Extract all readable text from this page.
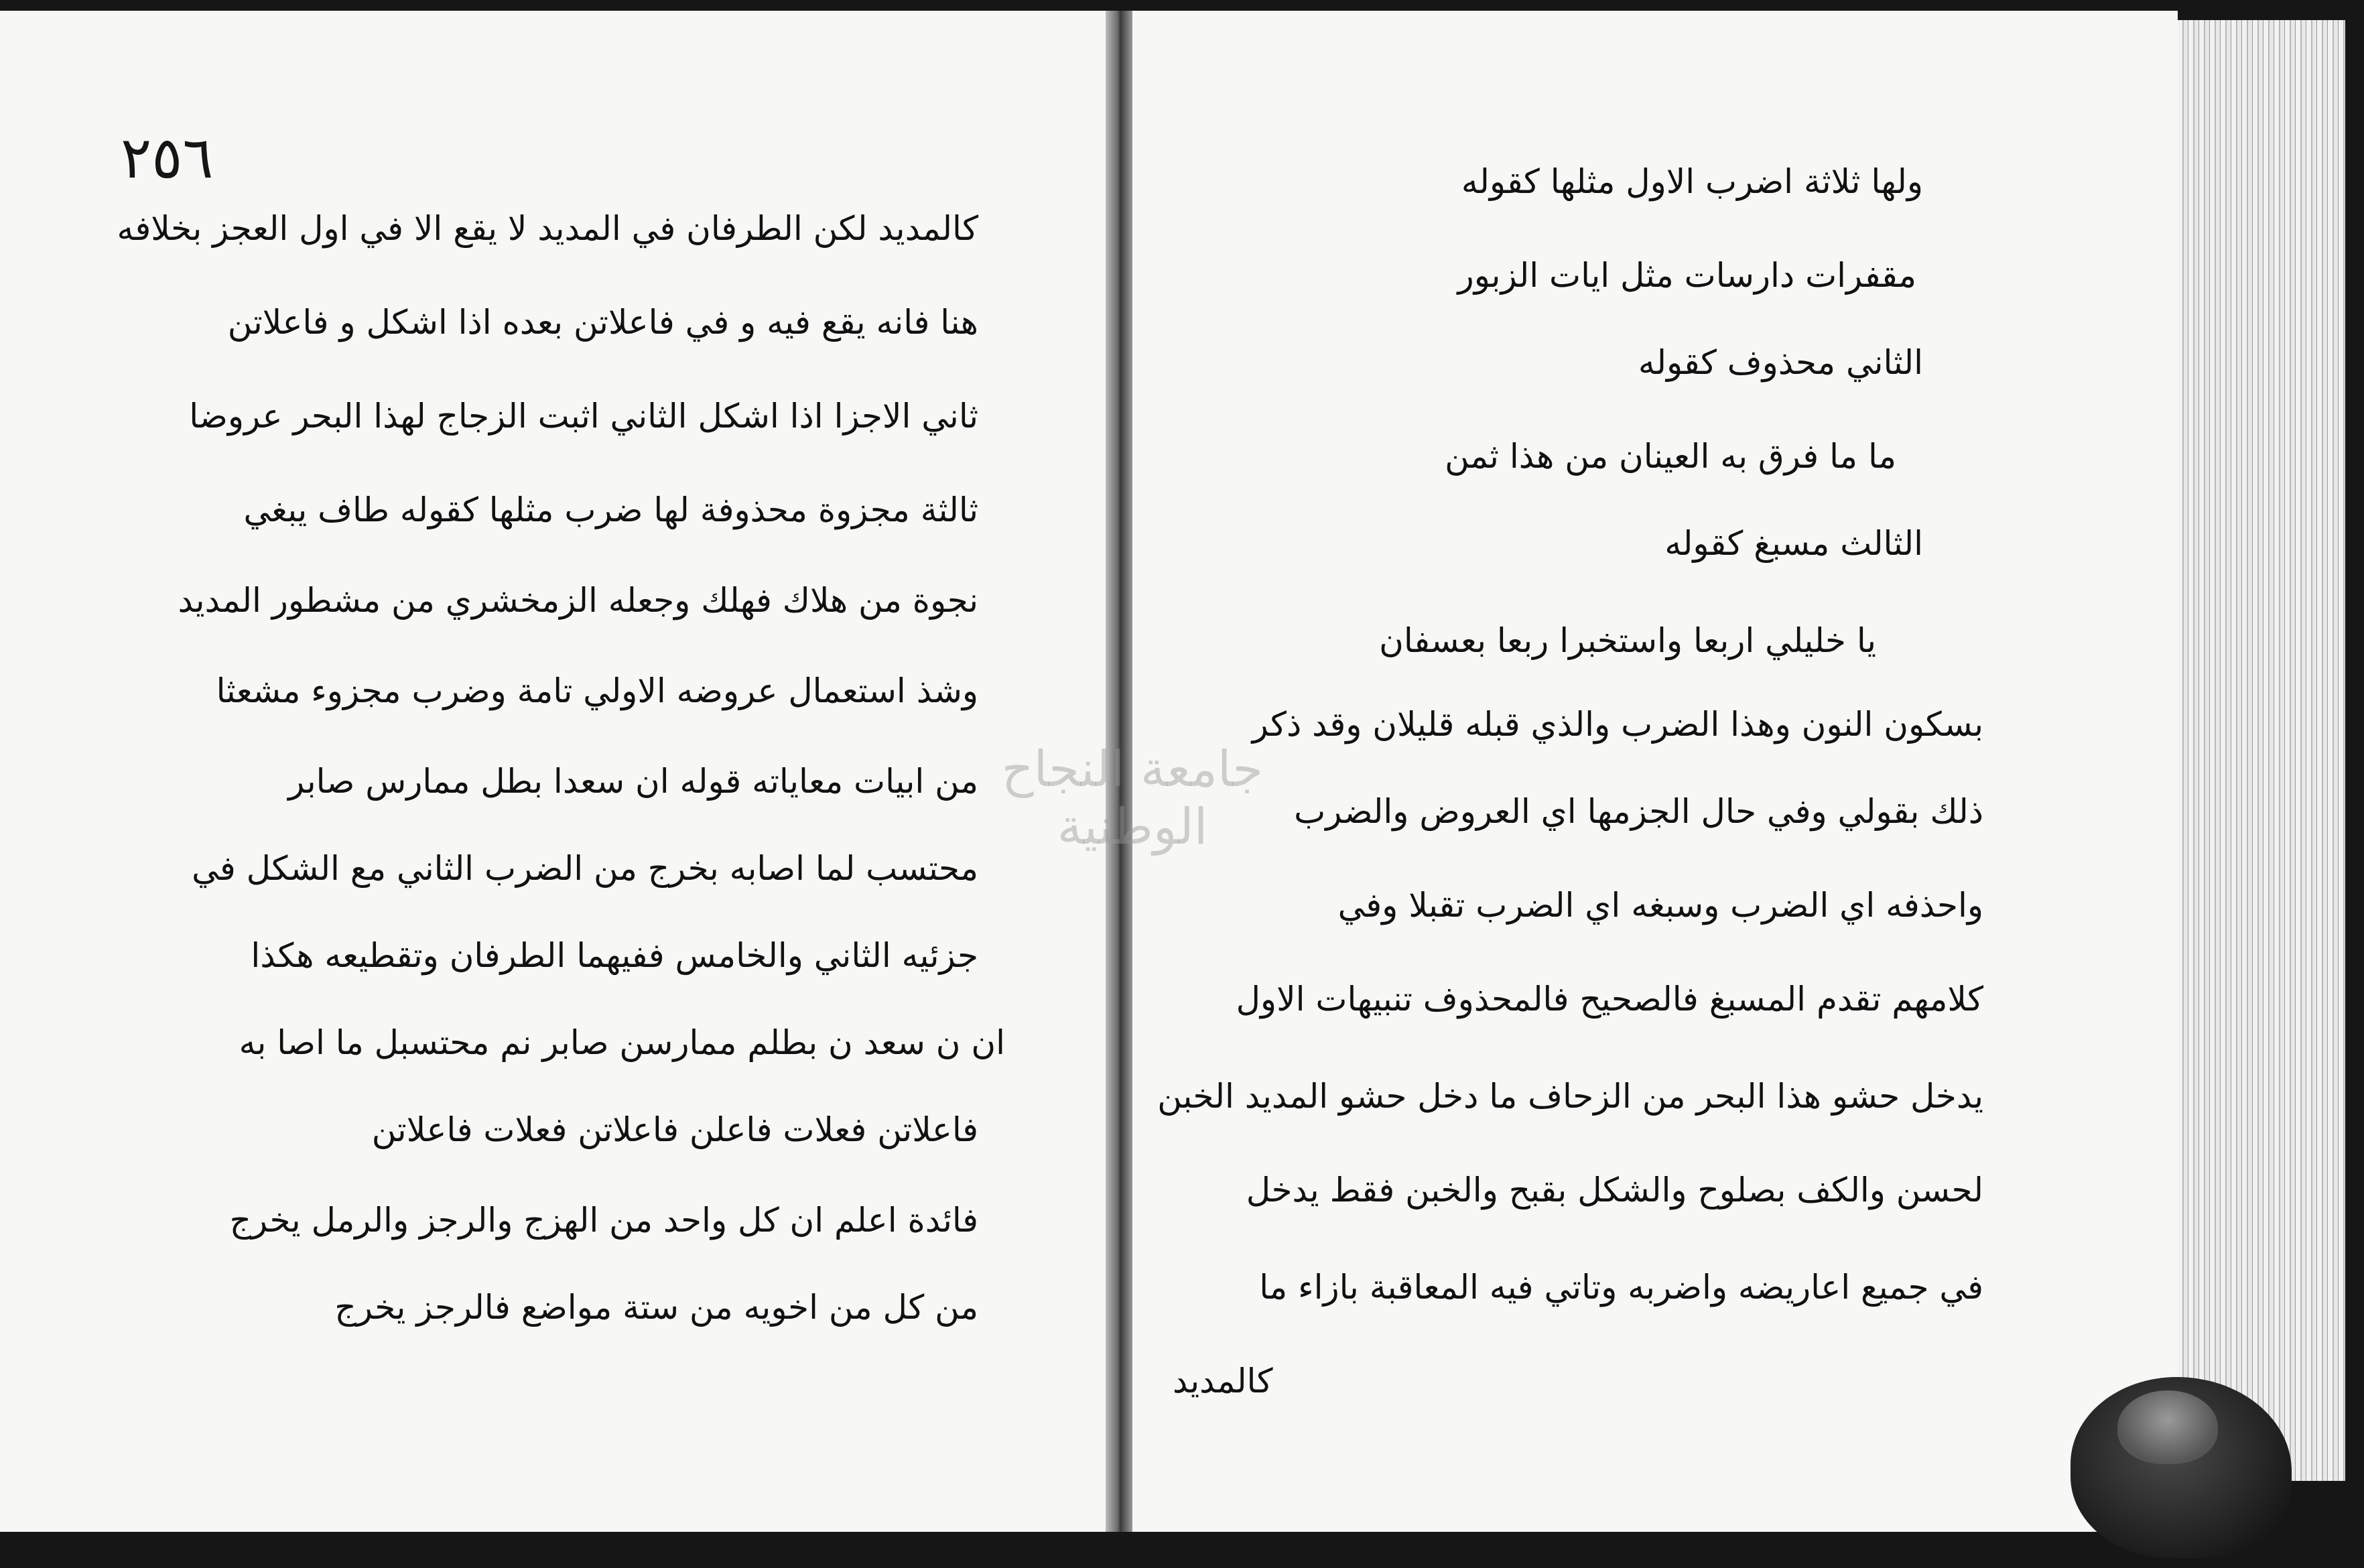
٢٥٦
كالمديد لكن الطرفان في المديد لا يقع الا في اول العجز بخلافه
هنا فانه يقع فيه و في فاعلاتن بعده اذا اشكل و فاعلاتن
ثاني الاجزا اذا اشكل الثاني اثبت الزجاج لهذا البحر عروضا
ثالثة مجزوة محذوفة لها ضرب مثلها كقوله طاف يبغي
نجوة من هلاك فهلك وجعله الزمخشري من مشطور المديد
وشذ استعمال عروضه الاولي تامة وضرب مجزوء مشعثا
من ابيات معاياته قوله ان سعدا بطل ممارس صابر
محتسب لما اصابه بخرج من الضرب الثاني مع الشكل في
جزئيه الثاني والخامس ففيهما الطرفان وتقطيعه هكذا
ان ن سعد ن بطلم ممارسن صابر نم محتسبل ما اصا به
فاعلاتن فعلات فاعلن فاعلاتن فعلات فاعلاتن
فائدة اعلم ان كل واحد من الهزج والرجز والرمل يخرج
من كل من اخويه من ستة مواضع فالرجز يخرج
ولها ثلاثة اضرب الاول مثلها كقوله
مقفرات دارسات مثل ايات الزبور
الثاني محذوف كقوله
ما ما فرق به العينان من هذا ثمن
الثالث مسبغ كقوله
يا خليلي اربعا واستخبرا ربعا بعسفان
بسكون النون وهذا الضرب والذي قبله قليلان وقد ذكر
ذلك بقولي وفي حال الجزمها اي العروض والضرب
واحذفه اي الضرب وسبغه اي الضرب تقبلا وفي
كلامهم تقدم المسبغ فالصحيح فالمحذوف تنبيهات الاول
يدخل حشو هذا البحر من الزحاف ما دخل حشو المديد الخبن
لحسن والكف بصلوح والشكل بقبح والخبن فقط يدخل
في جميع اعاريضه واضربه وتاتي فيه المعاقبة بازاء ما
كالمديد
جامعة النجاح الوطنية
